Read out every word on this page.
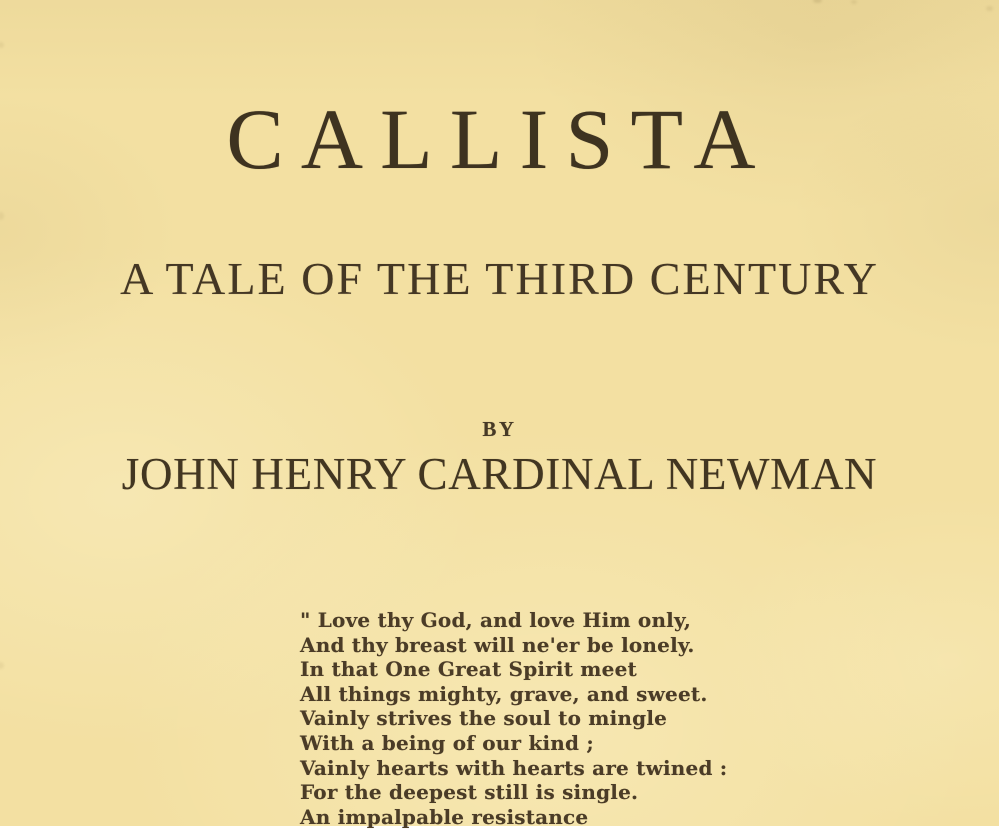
CALLISTA
A TALE OF THE THIRD CENTURY
BY
JOHN HENRY CARDINAL NEWMAN
" Love thy God, and love Him only,
And thy breast will ne'er be lonely.
In that One Great Spirit meet
All things mighty, grave, and sweet.
Vainly strives the soul to mingle
With a being of our kind ;
Vainly hearts with hearts are twined :
For the deepest still is single.
An impalpable resistance
